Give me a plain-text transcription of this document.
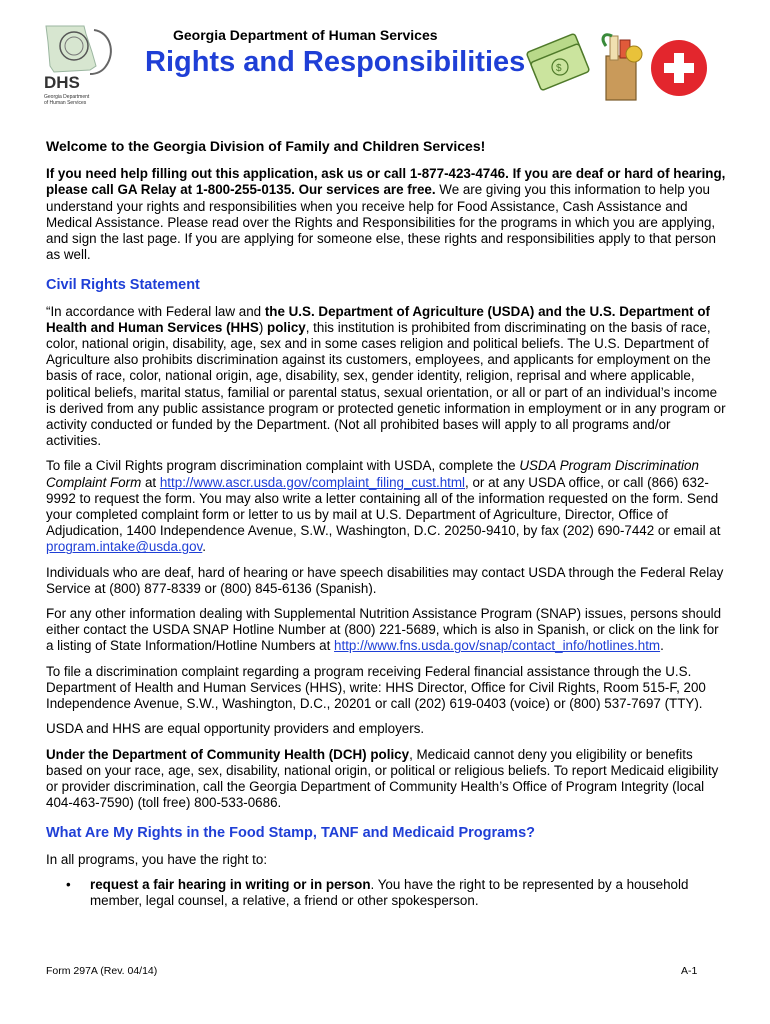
DHS
Georgia Department
of Human Services
Georgia Department of Human Services
Rights and Responsibilities	$

Welcome to the Georgia Division of Family and Children Services!

If you need help filling out this application, ask us or call 1-877-423-4746. If you are deaf or hard of hearing, please call GA Relay at 1-800-255-0135. Our services are free. We are giving you this information to help you understand your rights and responsibilities when you receive help for Food Assistance, Cash Assistance and Medical Assistance. Please read over the Rights and Responsibilities for the programs in which you are applying, and sign the last page. If you are applying for someone else, these rights and responsibilities apply to that person as well.

Civil Rights Statement

“In accordance with Federal law and the U.S. Department of Agriculture (USDA) and the U.S. Department of Health and Human Services (HHS) policy, this institution is prohibited from discriminating on the basis of race, color, national origin, disability, age, sex and in some cases religion and political beliefs. The U.S. Department of Agriculture also prohibits discrimination against its customers, employees, and applicants for employment on the basis of race, color, national origin, age, disability, sex, gender identity, religion, reprisal and where applicable, political beliefs, marital status, familial or parental status, sexual orientation, or all or part of an individual’s income is derived from any public assistance program or protected genetic information in employment or in any program or activity conducted or funded by the Department. (Not all prohibited bases will apply to all programs and/or activities.

To file a Civil Rights program discrimination complaint with USDA, complete the USDA Program Discrimination Complaint Form at http://www.ascr.usda.gov/complaint_filing_cust.html, or at any USDA office, or call (866) 632-9992 to request the form. You may also write a letter containing all of the information requested on the form. Send your completed complaint form or letter to us by mail at U.S. Department of Agriculture, Director, Office of Adjudication, 1400 Independence Avenue, S.W., Washington, D.C. 20250-9410, by fax (202) 690-7442 or email at program.intake@usda.gov.

Individuals who are deaf, hard of hearing or have speech disabilities may contact USDA through the Federal Relay Service at (800) 877-8339 or (800) 845-6136 (Spanish).

For any other information dealing with Supplemental Nutrition Assistance Program (SNAP) issues, persons should either contact the USDA SNAP Hotline Number at (800) 221-5689, which is also in Spanish, or click on the link for a listing of State Information/Hotline Numbers at http://www.fns.usda.gov/snap/contact_info/hotlines.htm.

To file a discrimination complaint regarding a program receiving Federal financial assistance through the U.S. Department of Health and Human Services (HHS), write: HHS Director, Office for Civil Rights, Room 515-F, 200 Independence Avenue, S.W., Washington, D.C., 20201 or call (202) 619-0403 (voice) or (800) 537-7697 (TTY).

USDA and HHS are equal opportunity providers and employers.

Under the Department of Community Health (DCH) policy, Medicaid cannot deny you eligibility or benefits based on your race, age, sex, disability, national origin, or political or religious beliefs. To report Medicaid eligibility or provider discrimination, call the Georgia Department of Community Health’s Office of Program Integrity (local 404-463-7590) (toll free) 800-533-0686.

What Are My Rights in the Food Stamp, TANF and Medicaid Programs?

In all programs, you have the right to:

• request a fair hearing in writing or in person. You have the right to be represented by a household member, legal counsel, a relative, a friend or other spokesperson.
Form 297A (Rev. 04/14)	A-1
